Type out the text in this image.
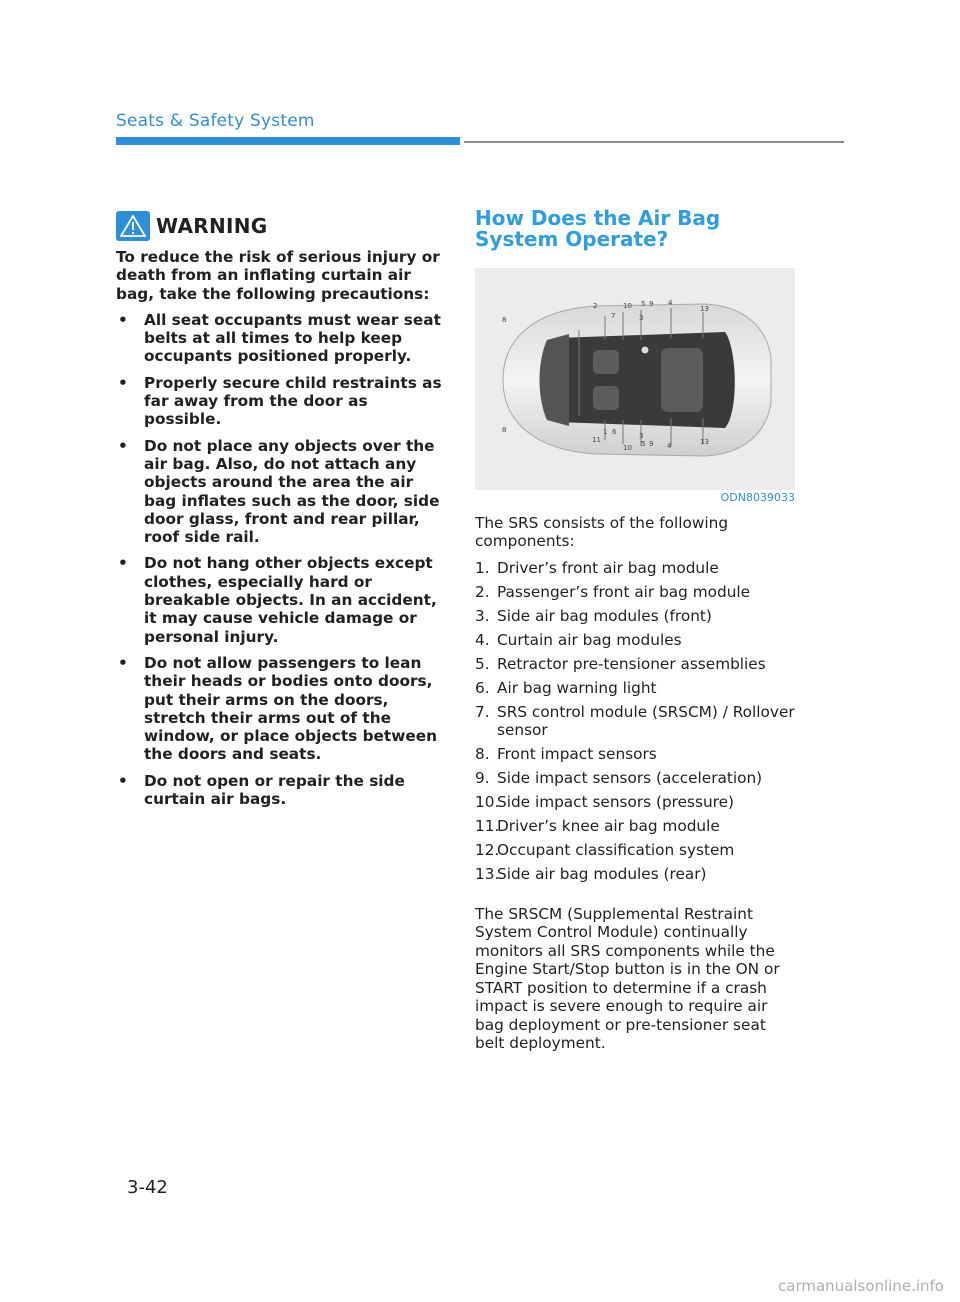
Seats & Safety System
WARNING
To reduce the risk of serious injury or death from an inflating curtain air bag, take the following precautions:
• All seat occupants must wear seat belts at all times to help keep occupants positioned properly.
• Properly secure child restraints as far away from the door as possible.
• Do not place any objects over the air bag. Also, do not attach any objects around the area the air bag inflates such as the door, side door glass, front and rear pillar, roof side rail.
• Do not hang other objects except clothes, especially hard or breakable objects. In an accident, it may cause vehicle damage or personal injury.
• Do not allow passengers to lean their heads or bodies onto doors, put their arms on the doors, stretch their arms out of the window, or place objects between the doors and seats.
• Do not open or repair the side curtain air bags.
How Does the Air Bag System Operate?
2	10 5 9 4
13
8	7	3
12
8
11
1 6	3
10 5 9 4	13
ODN8039033
The SRS consists of the following components:
1. Driver’s front air bag module
2. Passenger’s front air bag module
3. Side air bag modules (front)
4. Curtain air bag modules
5. Retractor pre-tensioner assemblies
6. Air bag warning light
7. SRS control module (SRSCM) / Rollover sensor
8. Front impact sensors
9. Side impact sensors (acceleration)
10.
Side impact sensors (pressure)
11.
Driver’s knee air bag module
12.
Occupant classification system
13.
Side air bag modules (rear)
The SRSCM (Supplemental Restraint System Control Module) continually monitors all SRS components while the Engine Start/Stop button is in the ON or START position to determine if a crash impact is severe enough to require air bag deployment or pre-tensioner seat belt deployment.
3-42
carmanualsonline.info
